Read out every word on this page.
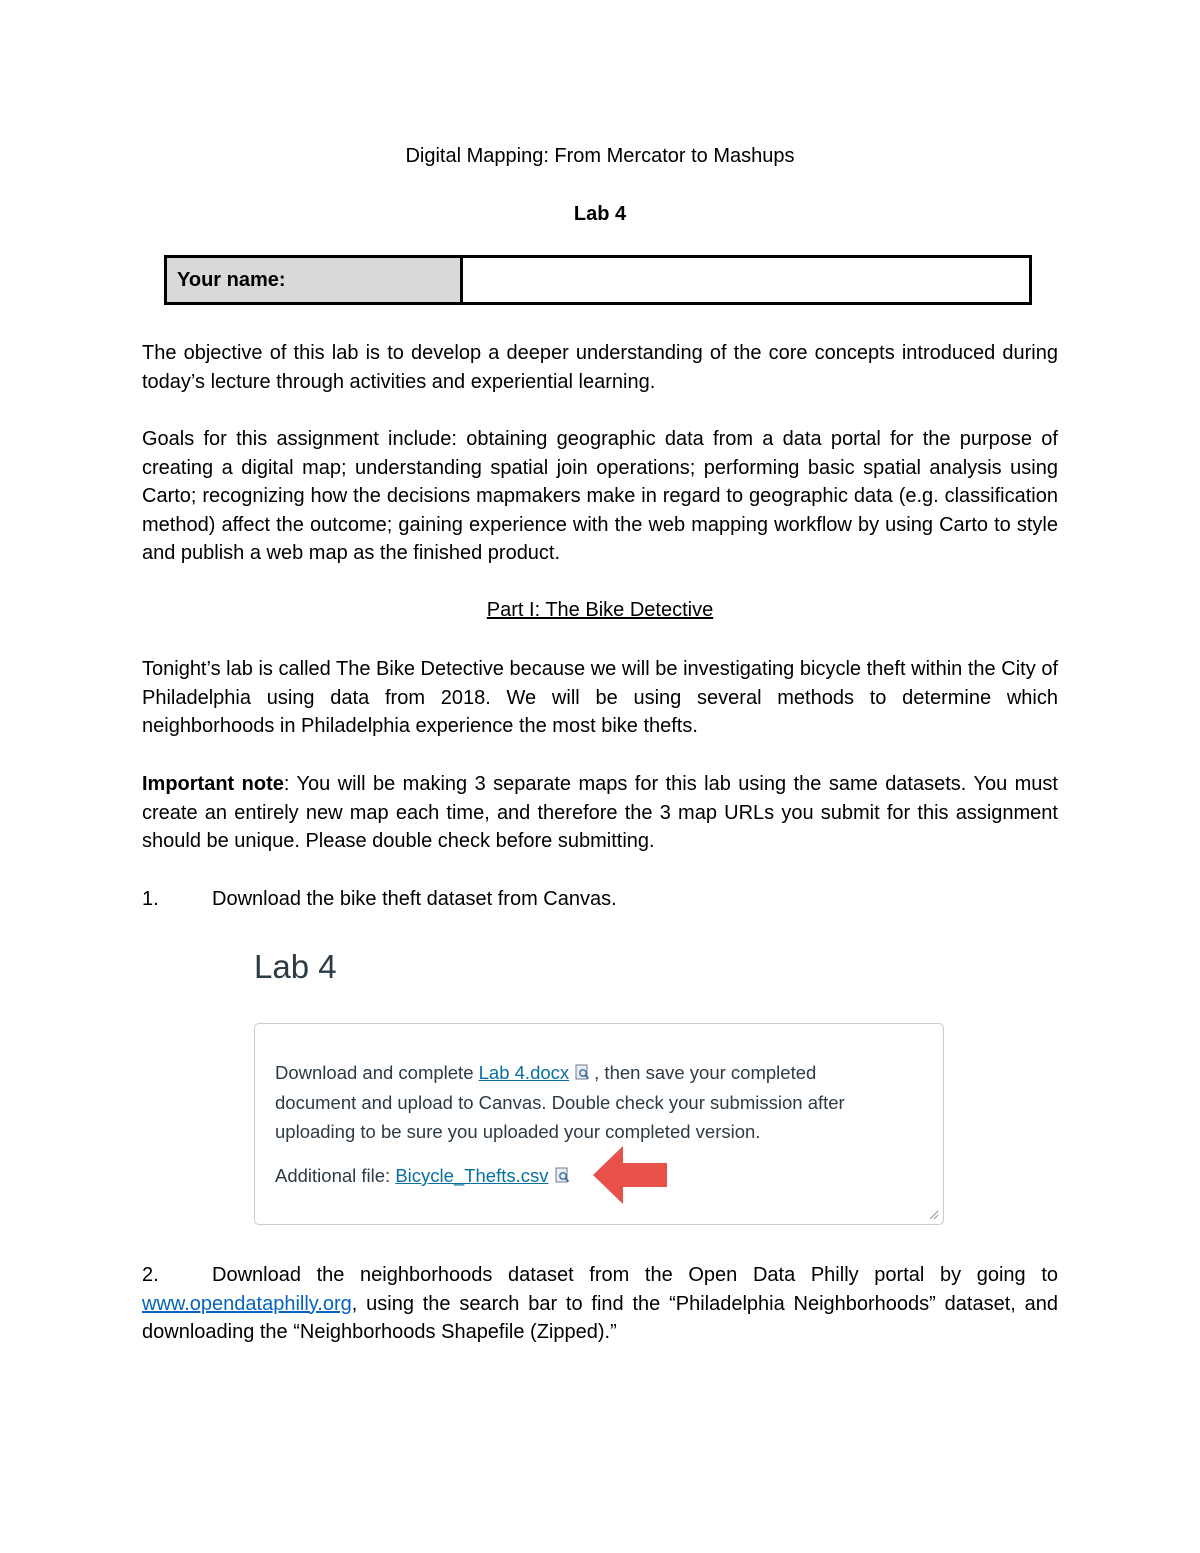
Digital Mapping: From Mercator to Mashups
Lab 4
Your name:

The objective of this lab is to develop a deeper understanding of the core concepts introduced during today’s lecture through activities and experiential learning.

Goals for this assignment include: obtaining geographic data from a data portal for the purpose of creating a digital map; understanding spatial join operations; performing basic spatial analysis using Carto; recognizing how the decisions mapmakers make in regard to geographic data (e.g. classification method) affect the outcome; gaining experience with the web mapping workflow by using Carto to style and publish a web map as the finished product.

Part I: The Bike Detective

Tonight’s lab is called The Bike Detective because we will be investigating bicycle theft within the City of Philadelphia using data from 2018. We will be using several methods to determine which neighborhoods in Philadelphia experience the most bike thefts.

Important note: You will be making 3 separate maps for this lab using the same datasets. You must create an entirely new map each time, and therefore the 3 map URLs you submit for this assignment should be unique. Please double check before submitting.

1.	Download the bike theft dataset from Canvas.
Lab 4
Download and complete Lab 4.docx , then save your completed document and upload to Canvas. Double check your submission after uploading to be sure you uploaded your completed version.
Additional file: Bicycle_Thefts.csv

2.	Download the neighborhoods dataset from the Open Data Philly portal by going to www.opendataphilly.org, using the search bar to find the “Philadelphia Neighborhoods” dataset, and downloading the “Neighborhoods Shapefile (Zipped).”
